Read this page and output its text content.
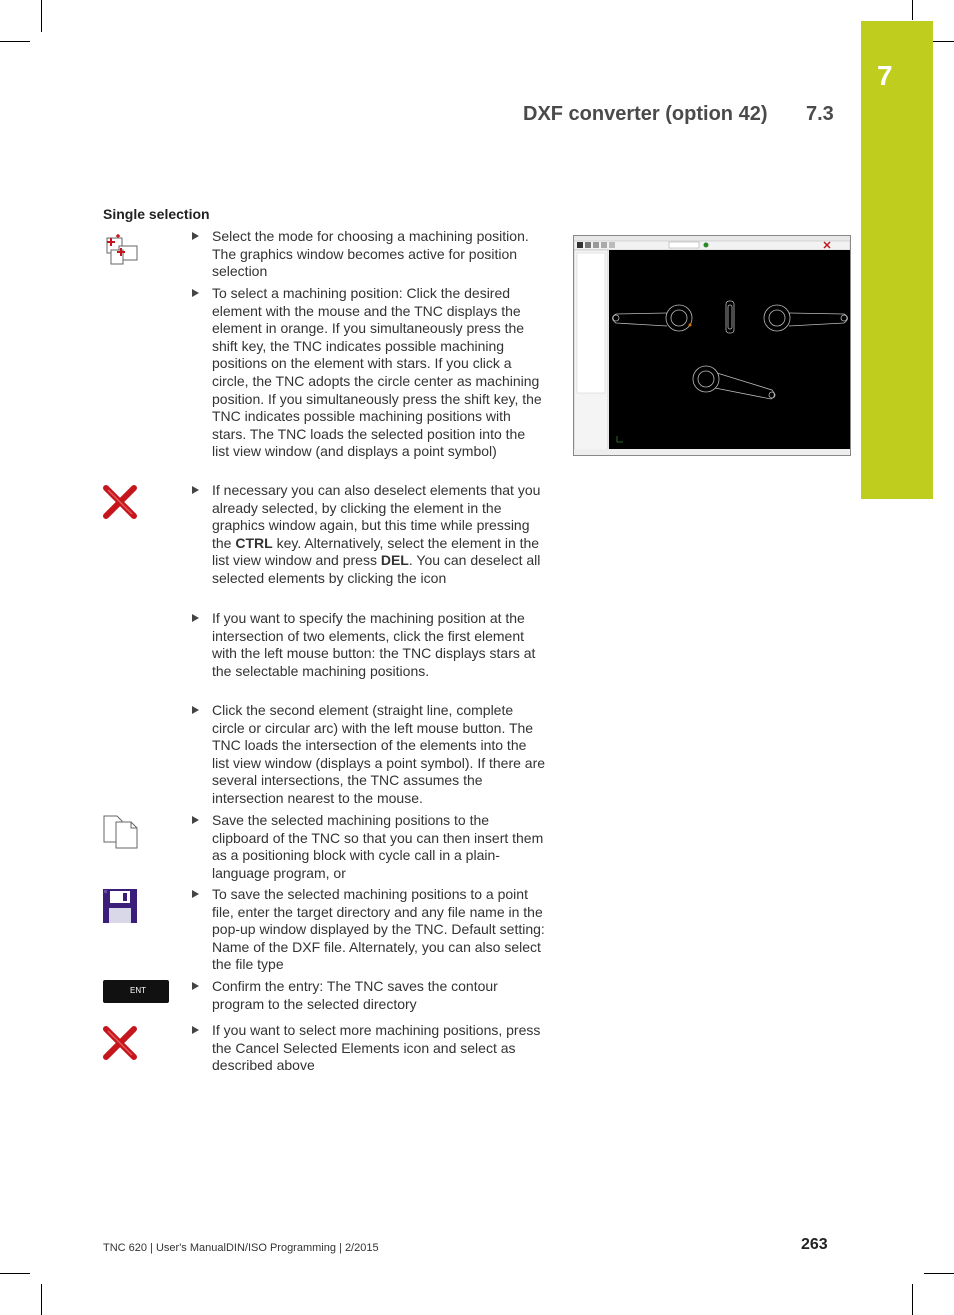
7
DXF converter (option 42) 7.3
Single selection
ENT
Select the mode for choosing a machining position. The graphics window becomes active for position selection
To select a machining position: Click the desired element with the mouse and the TNC displays the element in orange. If you simultaneously press the shift key, the TNC indicates possible machining positions on the element with stars. If you click a circle, the TNC adopts the circle center as machining position. If you simultaneously press the shift key, the TNC indicates possible machining positions with stars. The TNC loads the selected position into the list view window (and displays a point symbol)
If necessary you can also deselect elements that you already selected, by clicking the element in the graphics window again, but this time while pressing the CTRL key. Alternatively, select the element in the list view window and press DEL. You can deselect all selected elements by clicking the icon
If you want to specify the machining position at the intersection of two elements, click the first element with the left mouse button: the TNC displays stars at the selectable machining positions.
Click the second element (straight line, complete circle or circular arc) with the left mouse button. The TNC loads the intersection of the elements into the list view window (displays a point symbol). If there are several intersections, the TNC assumes the intersection nearest to the mouse.
Save the selected machining positions to the clipboard of the TNC so that you can then insert them as a positioning block with cycle call in a plain-language program, or
To save the selected machining positions to a point file, enter the target directory and any file name in the pop-up window displayed by the TNC. Default setting: Name of the DXF file. Alternately, you can also select the file type
Confirm the entry: The TNC saves the contour program to the selected directory
If you want to select more machining positions, press the Cancel Selected Elements icon and select as described above
TNC 620 | User's ManualDIN/ISO Programming | 2/2015	263
